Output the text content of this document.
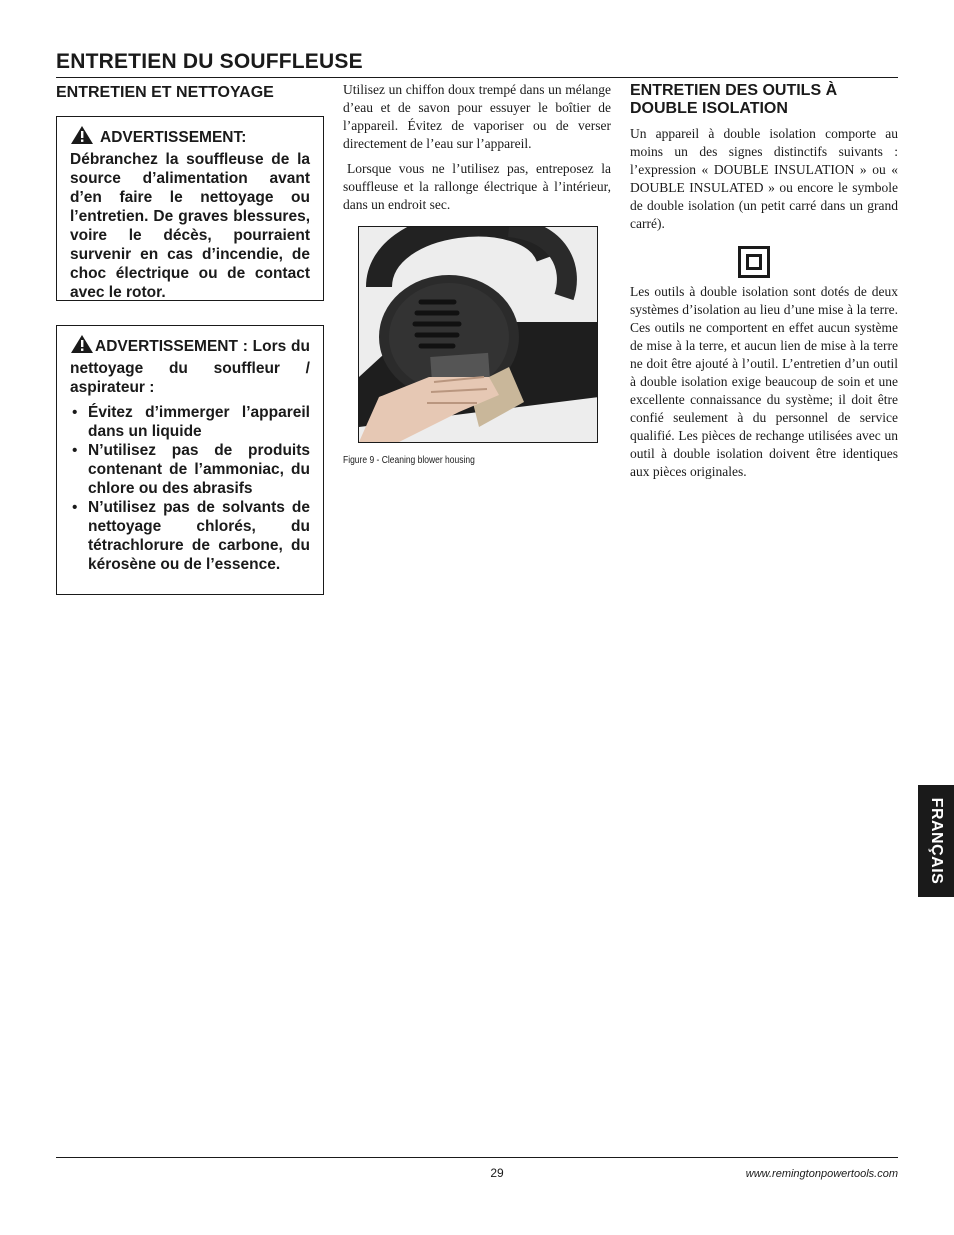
ENTRETIEN DU SOUFFLEUSE
ENTRETIEN ET NETTOYAGE
ADVERTISSEMENT: Débranchez la souffleuse de la source d’alimentation avant d’en faire le nettoyage ou l’entretien. De graves blessures, voire le décès, pourraient survenir en cas d’incendie, de choc électrique ou de contact avec le rotor.
ADVERTISSEMENT : Lors du nettoyage du souffleur / aspirateur :
• Évitez d’immerger l’appareil dans un liquide
• N’utilisez pas de produits contenant de l’ammoniac, du chlore ou des abrasifs
• N’utilisez pas de solvants de nettoyage chlorés, du tétrachlorure de carbone, du kérosène ou de l’essence.

Utilisez un chiffon doux trempé dans un mélange d’eau et de savon pour essuyer le boîtier de l’appareil. Évitez de vaporiser ou de verser directement de l’eau sur l’appareil.

Lorsque vous ne l’utilisez pas, entreposez la souffleuse et la rallonge électrique à l’intérieur, dans un endroit sec.

Figure 9 - Cleaning blower housing
ENTRETIEN DES OUTILS À DOUBLE ISOLATION

Un appareil à double isolation comporte au moins un des signes distinctifs suivants : l’expression « DOUBLE INSULATION » ou « DOUBLE INSULATED » ou encore le symbole de double isolation (un petit carré dans un grand carré).

Les outils à double isolation sont dotés de deux systèmes d’isolation au lieu d’une mise à la terre. Ces outils ne comportent en effet aucun système de mise à la terre, et aucun lien de mise à la terre ne doit être ajouté à l’outil. L’entretien d’un outil à double isolation exige beaucoup de soin et une excellente connaissance du système; il doit être confié seulement à du personnel de service qualifié. Les pièces de rechange utilisées avec un outil à double isolation doivent être identiques aux pièces originales.

FRANÇAIS
29	www.remingtonpowertools.com
